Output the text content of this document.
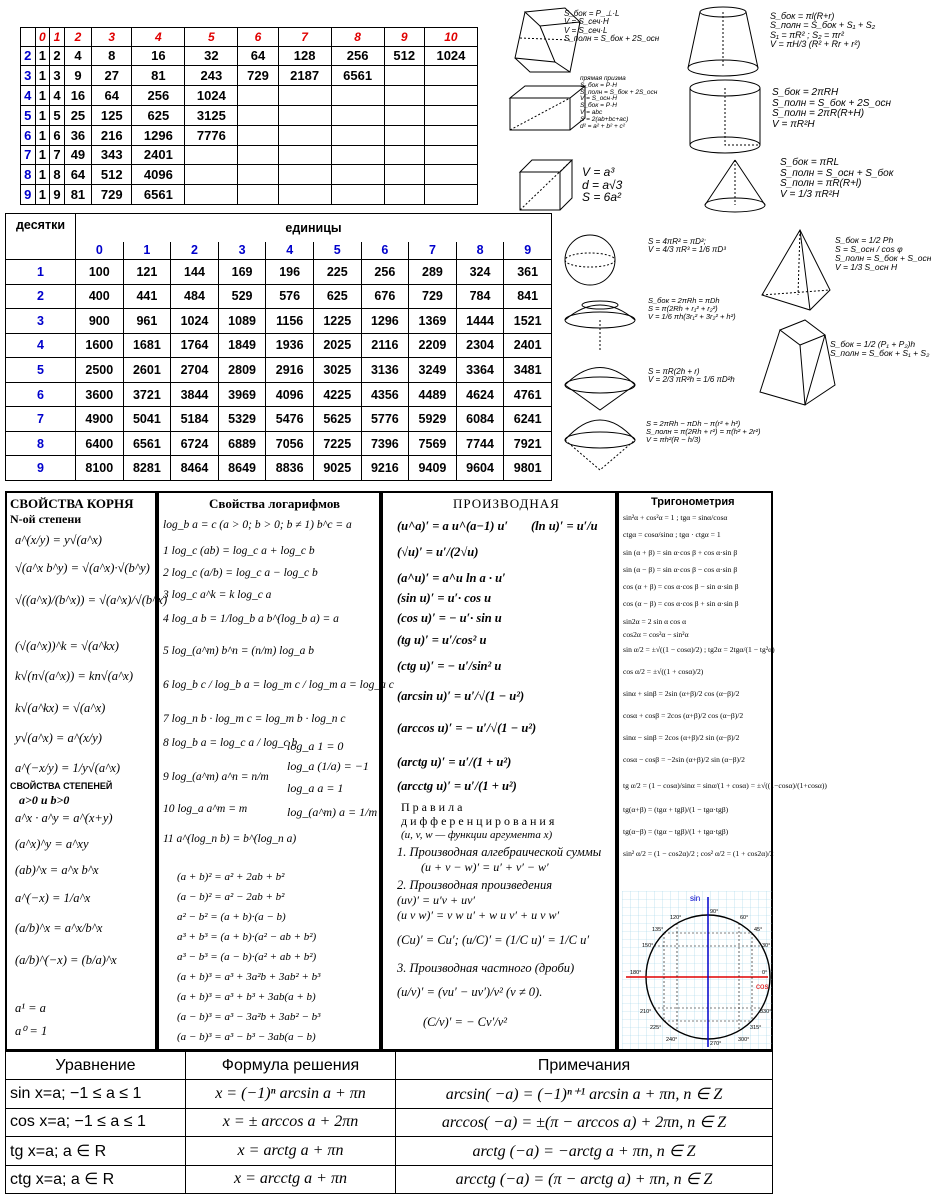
	0	1	2	3	4	5	6	7	8	9	10
2	1	2	4	8	16	32	64	128	256	512	1024
3	1	3	9	27	81	243	729	2187	6561		
4	1	4	16	64	256	1024					
5	1	5	25	125	625	3125					
6	1	6	36	216	1296	7776					
7	1	7	49	343	2401						
8	1	8	64	512	4096						
9	1	9	81	729	6561						
десятки	единицы									
	0	1	2	3	4	5	6	7	8	9
1	100	121	144	169	196	225	256	289	324	361
2	400	441	484	529	576	625	676	729	784	841
3	900	961	1024	1089	1156	1225	1296	1369	1444	1521
4	1600	1681	1764	1849	1936	2025	2116	2209	2304	2401
5	2500	2601	2704	2809	2916	3025	3136	3249	3364	3481
6	3600	3721	3844	3969	4096	4225	4356	4489	4624	4761
7	4900	5041	5184	5329	5476	5625	5776	5929	6084	6241
8	6400	6561	6724	6889	7056	7225	7396	7569	7744	7921
9	8100	8281	8464	8649	8836	9025	9216	9409	9604	9801
S_бок = P_⊥·L
V = S_сеч·H
V = S_сеч·L
S_полн = S_бок + 2S_осн
прямая призма
S_бок = P·H
S_полн = S_бок + 2S_осн
V = S_осн·H
S_бок = P·H
V = abc
S = 2(ab+bc+ac)
d² = a² + b² + c²
V = a³
d = a√3
S = 6a²
S_бок = πl(R+r)
S_полн = S_бок + S₁ + S₂
S₁ = πR² ; S₂ = πr²
V = πH/3 (R² + Rr + r²)
S_бок = 2πRH
S_полн = S_бок + 2S_осн
S_полн = 2πR(R+H)
V = πR²H
S_бок = πRL
S_полн = S_осн + S_бок
S_полн = πR(R+l)
V = 1/3 πR²H
S = 4πR² = πD²;
V = 4/3 πR³ = 1/6 πD³
S_бок = 2πRh = πDh
S = π(2Rh + r₁² + r₂²)
V = 1/6 πh(3r₁² + 3r₂² + h²)
S = πR(2h + r)
V = 2/3 πR²h = 1/6 πD²h
S = 2πRh − πDh − π(r² + h²)
S_полн = π(2Rh + r²) = π(h² + 2r²)
V = πh²(R − h/3)
S_бок = 1/2 Ph
S = S_осн / cos φ
S_полн = S_бок + S_осн
V = 1/3 S_осн H
S_бок = 1/2 (P₁ + P₂)h
S_полн = S_бок + S₁ + S₂
СВОЙСТВА КОРНЯ
N-ой степени
a^(x/y) = y√(a^x)
√(a^x b^y) = √(a^x)·√(b^y)
√((a^x)/(b^x)) = √(a^x)/√(b^x)
(√(a^x))^k = √(a^kx)
k√(n√(a^x)) = kn√(a^x)
k√(a^kx) = √(a^x)
y√(a^x) = a^(x/y)
a^(−x/y) = 1/y√(a^x)
a^x · a^y = a^(x+y)
(a^x)^y = a^xy
(ab)^x = a^x b^x
a^(−x) = 1/a^x
(a/b)^x = a^x/b^x
(a/b)^(−x) = (b/a)^x
a¹ = a
a⁰ = 1
СВОЙСТВА СТЕПЕНЕЙ
a>0 и b>0
Свойства логарифмов
log_b a = c (a > 0; b > 0; b ≠ 1) b^c = a
1 log_c (ab) = log_c a + log_c b
2 log_c (a/b) = log_c a − log_c b
3 log_c a^k = k log_c a
4 log_a b = 1/log_b a b^(log_b a) = a
5 log_(a^m) b^n = (n/m) log_a b
6 log_b c / log_b a = log_m c / log_m a = log_a c
7 log_n b · log_m c = log_m b · log_n c
8 log_b a = log_c a / log_c b
9 log_(a^m) a^n = n/m
10 log_a a^m = m
11 a^(log_n b) = b^(log_n a)
log_a 1 = 0
log_a (1/a) = −1
log_a a = 1
log_(a^m) a = 1/m
(a + b)² = a² + 2ab + b²
(a − b)² = a² − 2ab + b²
a² − b² = (a + b)·(a − b)
a³ + b³ = (a + b)·(a² − ab + b²)
a³ − b³ = (a − b)·(a² + ab + b²)
(a + b)³ = a³ + 3a²b + 3ab² + b³
(a + b)³ = a³ + b³ + 3ab(a + b)
(a − b)³ = a³ − 3a²b + 3ab² − b³
(a − b)³ = a³ − b³ − 3ab(a − b)
ПРОИЗВОДНАЯ
(u^a)′ = a u^(a−1) u′ (ln u)′ = u′/u
(√u)′ = u′/(2√u)
(a^u)′ = a^u ln a · u′
(sin u)′ = u′· cos u
(cos u)′ = − u′· sin u
(tg u)′ = u′/cos² u
(ctg u)′ = − u′/sin² u
(arcsin u)′ = u′/√(1 − u²)
(arccos u)′ = − u′/√(1 − u²)
(arctg u)′ = u′/(1 + u²)
(arcctg u)′ = u′/(1 + u²)
П р а в и л а
д и ф ф е р е н ц и р о в а н и я
(u, v, w — функции аргумента x)
1. Производная алгебраической суммы
(u + v − w)′ = u′ + v′ − w′
2. Производная произведения
(uv)′ = u′v + uv′
(u v w)′ = v w u′ + w u v′ + u v w′
(Cu)′ = Cu′; (u/C)′ = (1/C u)′ = 1/C u′
3. Производная частного (дроби)
(u/v)′ = (vu′ − uv′)/v² (v ≠ 0).
(C/v)′ = − Cv′/v²
Тригонометрия
sin²α + cos²α = 1 ; tgα = sinα/cosα
ctgα = cosα/sinα ; tgα · ctgα = 1
sin (α + β) = sin α·cos β + cos α·sin β
sin (α − β) = sin α·cos β − cos α·sin β
cos (α + β) = cos α·cos β − sin α·sin β
cos (α − β) = cos α·cos β + sin α·sin β
sin2α = 2 sin α cos α
cos2α = cos²α − sin²α
sin α/2 = ±√((1 − cosα)/2) ; tg2α = 2tgα/(1 − tg²α)
cos α/2 = ±√((1 + cosα)/2)
sinα + sinβ = 2sin (α+β)/2 cos (α−β)/2
cosα + cosβ = 2cos (α+β)/2 cos (α−β)/2
sinα − sinβ = 2cos (α+β)/2 sin (α−β)/2
cosα − cosβ = −2sin (α+β)/2 sin (α−β)/2
tg α/2 = (1 − cosα)/sinα = sinα/(1 + cosα) = ±√((1−cosα)/(1+cosα))
tg(α+β) = (tgα + tgβ)/(1 − tgα·tgβ)
tg(α−β) = (tgα − tgβ)/(1 + tgα·tgβ)
sin² α/2 = (1 − cos2α)/2 ; cos² α/2 = (1 + cos2α)/2
sin
cos
90°
120°	60°
135°	45°
150°	30°
180°	0°
210°	330°
225°	315°
240°	300°
270°
Уравнение	Формула решения	Примечания
sin x=a; −1 ≤ a ≤ 1	x = (−1)ⁿ arcsin a + πn	arcsin( −a) = (−1)ⁿ⁺¹ arcsin a + πn, n ∈ Z
cos x=a; −1 ≤ a ≤ 1	x = ± arccos a + 2πn	arccos( −a) = ±(π − arccos a) + 2πn, n ∈ Z
tg x=a; a ∈ R	x = arctg a + πn	arctg (−a) = −arctg a + πn, n ∈ Z
ctg x=a; a ∈ R	x = arcctg a + πn	arcctg (−a) = (π − arctg a) + πn, n ∈ Z
